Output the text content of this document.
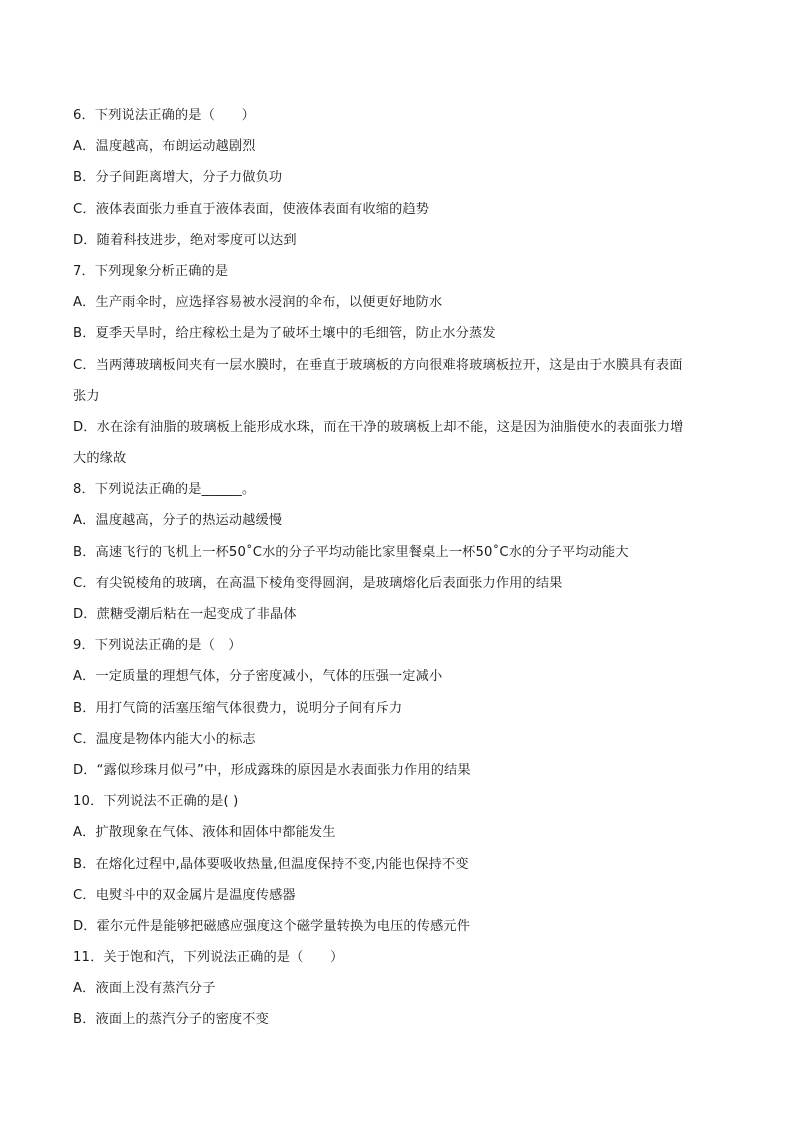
6．下列说法正确的是（　　）
A．温度越高，布朗运动越剧烈
B．分子间距离增大，分子力做负功
C．液体表面张力垂直于液体表面，使液体表面有收缩的趋势
D．随着科技进步，绝对零度可以达到
7．下列现象分析正确的是
A．生产雨伞时，应选择容易被水浸润的伞布，以便更好地防水
B．夏季天旱时，给庄稼松土是为了破坏土壤中的毛细管，防止水分蒸发
C．当两薄玻璃板间夹有一层水膜时，在垂直于玻璃板的方向很难将玻璃板拉开，这是由于水膜具有表面
张力
D．水在涂有油脂的玻璃板上能形成水珠，而在干净的玻璃板上却不能，这是因为油脂使水的表面张力增
大的缘故
8．下列说法正确的是______。
A．温度越高，分子的热运动越缓慢
B．高速飞行的飞机上一杯50˚C水的分子平均动能比家里餐桌上一杯50˚C水的分子平均动能大
C．有尖锐棱角的玻璃，在高温下棱角变得圆润，是玻璃熔化后表面张力作用的结果
D．蔗糖受潮后粘在一起变成了非晶体
9．下列说法正确的是（　）
A．一定质量的理想气体，分子密度减小，气体的压强一定减小
B．用打气筒的活塞压缩气体很费力，说明分子间有斥力
C．温度是物体内能大小的标志
D．“露似珍珠月似弓”中，形成露珠的原因是水表面张力作用的结果
10．下列说法不正确的是( )
A．扩散现象在气体、液体和固体中都能发生
B．在熔化过程中,晶体要吸收热量,但温度保持不变,内能也保持不变
C．电熨斗中的双金属片是温度传感器
D．霍尔元件是能够把磁感应强度这个磁学量转换为电压的传感元件
11．关于饱和汽，下列说法正确的是（　　）
A．液面上没有蒸汽分子
B．液面上的蒸汽分子的密度不变
